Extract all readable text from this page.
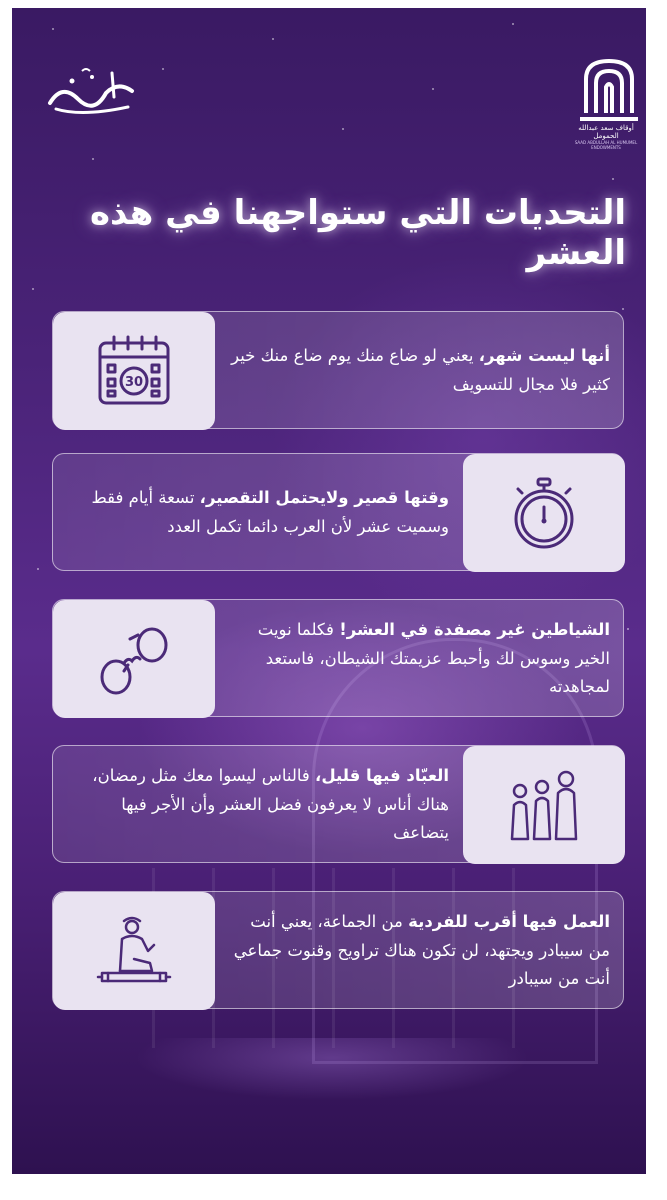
أوقاف سعد عبدالله الحمومل
SAAD ABDULLAH AL HUMUMEL ENDOWMENTS
التحديات التي ستواجهنا في هذه العشر
30
أنها ليست شهر، يعني لو ضاع منك يوم ضاع منك خير كثير فلا مجال للتسويف
وقتها قصير ولايحتمل التقصير، تسعة أيام فقط وسميت عشر لأن العرب دائما تكمل العدد
الشياطين غير مصفدة في العشر! فكلما نويت الخير وسوس لك وأحبط عزيمتك الشيطان، فاستعد لمجاهدته
العبّاد فيها قليل، فالناس ليسوا معك مثل رمضان، هناك أناس لا يعرفون فضل العشر وأن الأجر فيها يتضاعف
العمل فيها أقرب للفردية من الجماعة، يعني أنت من سيبادر ويجتهد، لن تكون هناك تراويح وقنوت جماعي أنت من سيبادر
